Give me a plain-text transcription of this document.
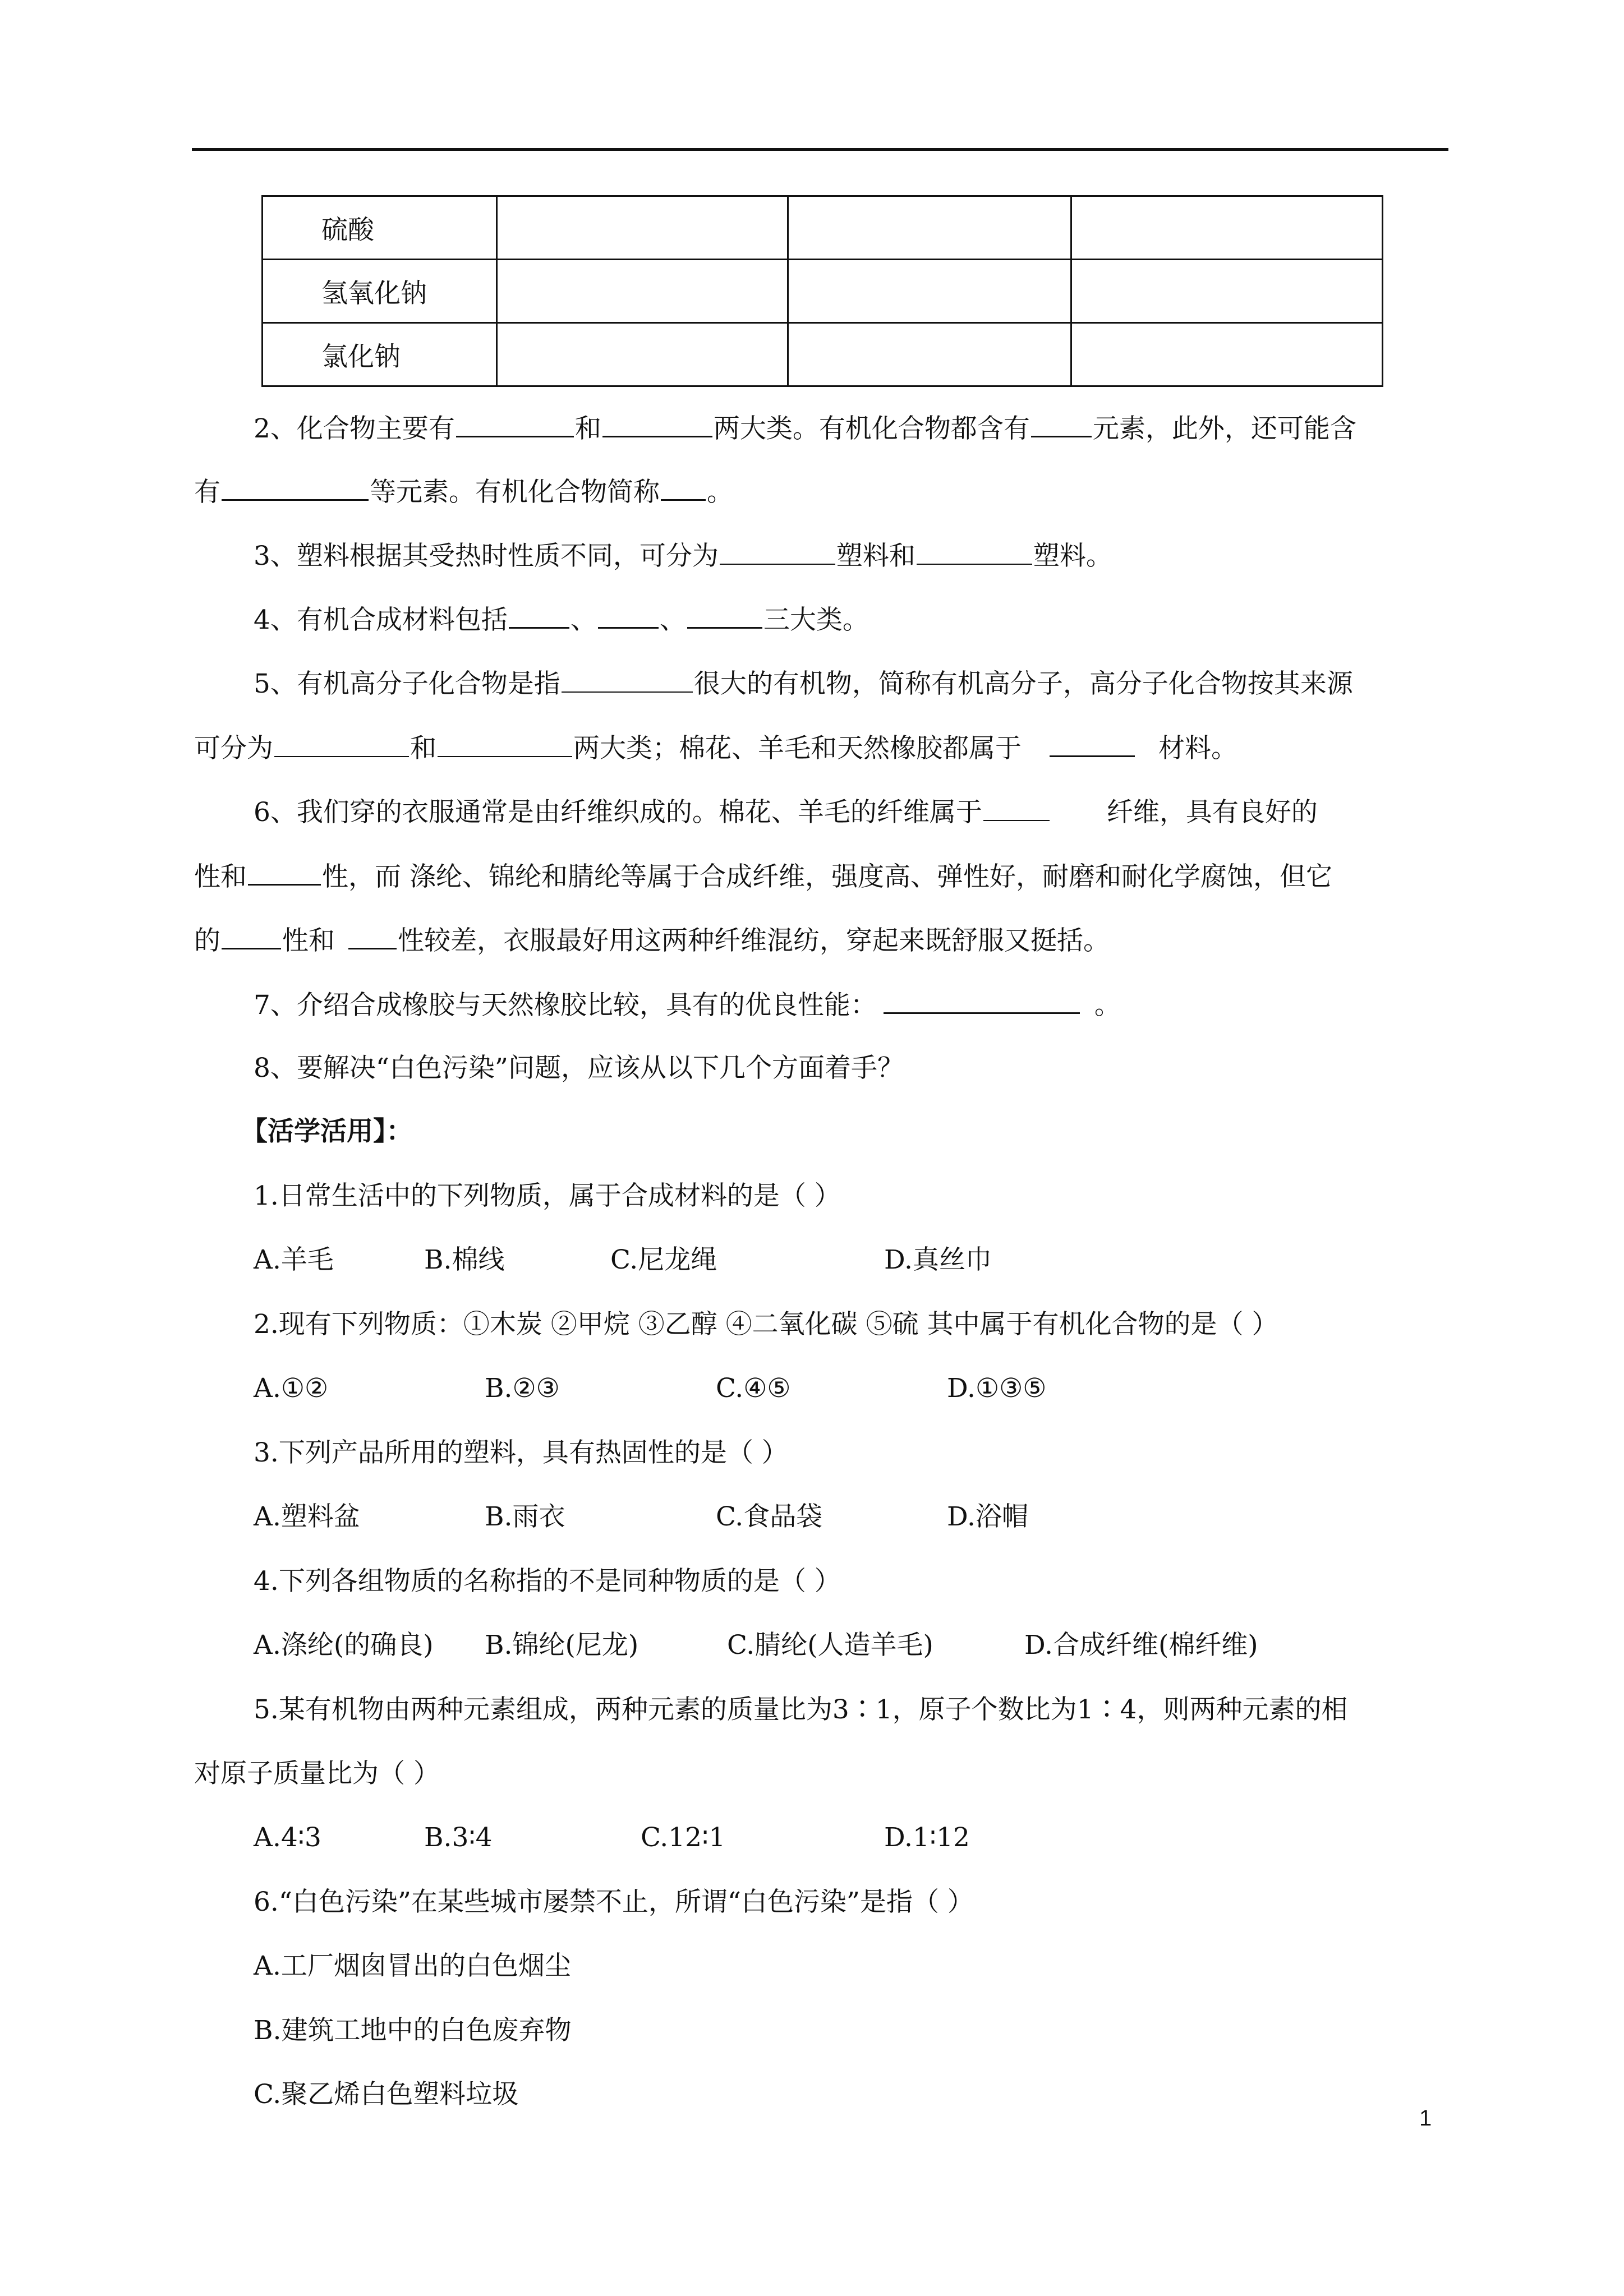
硫酸			
氢氧化钠			
氯化钠			
2、化合物主要有	和	两大类。有机化合物都含有 元素，此外，还可能含
有	等元素。有机化合物简称 。
3、塑料根据其受热时性质不同，可分为	塑料和	塑料。
4、有机合成材料包括 、 、	三大类。
5、有机高分子化合物是指	很大的有机物，简称有机高分子，高分子化合物按其来源
可分为	和	两大类；棉花、羊毛和天然橡胶都属于	材料。
6、我们穿的衣服通常是由纤维织成的。棉花、羊毛的纤维属于	纤维，具有良好的
性和	性，而 涤纶、锦纶和腈纶等属于合成纤维，强度高、弹性好，耐磨和耐化学腐蚀，但它
的 性和 性较差，衣服最好用这两种纤维混纺，穿起来既舒服又挺括。
7、介绍合成橡胶与天然橡胶比较，具有的优良性能：	。
8、要解决“白色污染”问题，应该从以下几个方面着手？
【活学活用】：
1.日常生活中的下列物质，属于合成材料的是（ ）
A.羊毛	B.棉线	C.尼龙绳	D.真丝巾
2.现有下列物质：①木炭 ②甲烷 ③乙醇 ④二氧化碳 ⑤硫 其中属于有机化合物的是（ ）
A.①②	B.②③	C.④⑤	D.①③⑤
3.下列产品所用的塑料，具有热固性的是（ ）
A.塑料盆	B.雨衣	C.食品袋	D.浴帽
4.下列各组物质的名称指的不是同种物质的是（ ）
A.涤纶(的确良) B.锦纶(尼龙)	C.腈纶(人造羊毛)	D.合成纤维(棉纤维)
5.某有机物由两种元素组成，两种元素的质量比为3∶1，原子个数比为1∶4，则两种元素的相
对原子质量比为（ ）
A.4∶3	B.3∶4	C.12∶1	D.1∶12
6.“白色污染”在某些城市屡禁不止，所谓“白色污染”是指（ ）
A.工厂烟囱冒出的白色烟尘
B.建筑工地中的白色废弃物
C.聚乙烯白色塑料垃圾
1
